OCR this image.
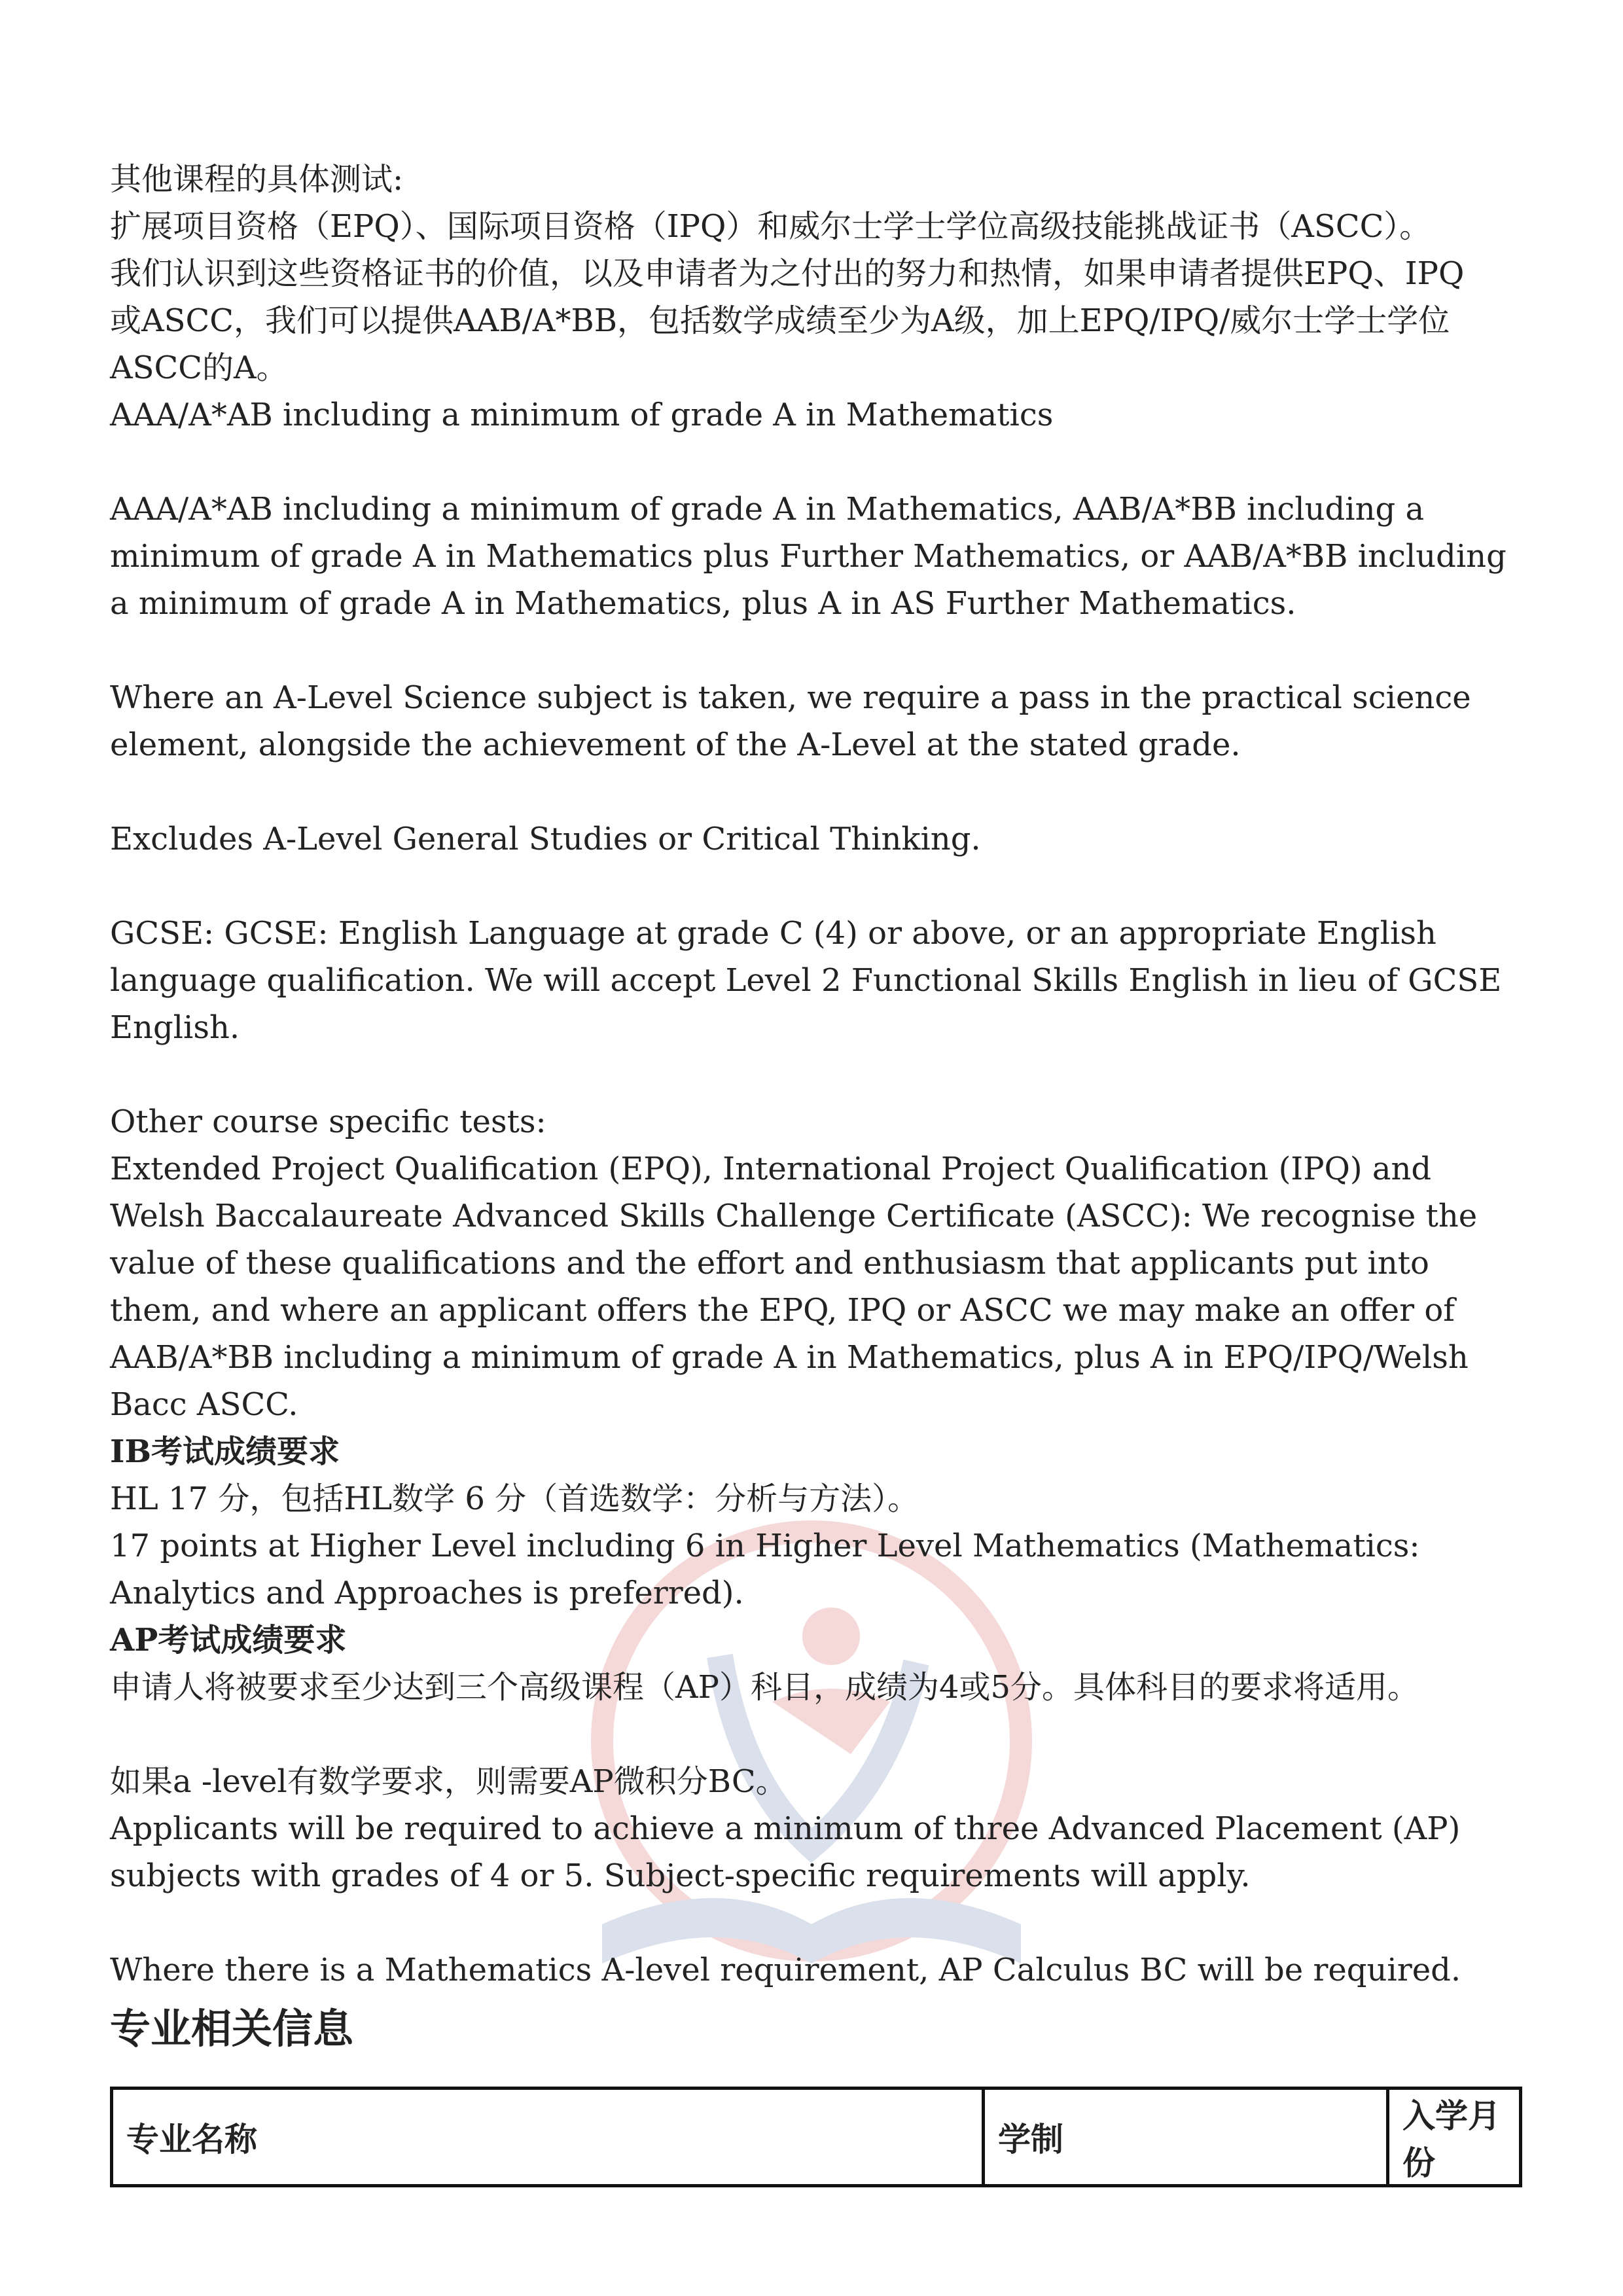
其他课程的具体测试:

扩展项目资格（EPQ）、国际项目资格（IPQ）和威尔士学士学位高级技能挑战证书（ASCC）。

我们认识到这些资格证书的价值，以及申请者为之付出的努力和热情，如果申请者提供EPQ、IPQ

或ASCC，我们可以提供AAB/A*BB，包括数学成绩至少为A级，加上EPQ/IPQ/威尔士学士学位

ASCC的A。

AAA/A*AB including a minimum of grade A in Mathematics

AAA/A*AB including a minimum of grade A in Mathematics, AAB/A*BB including a minimum of grade A in Mathematics plus Further Mathematics, or AAB/A*BB including a minimum of grade A in Mathematics, plus A in AS Further Mathematics.

Where an A-Level Science subject is taken, we require a pass in the practical science element, alongside the achievement of the A-Level at the stated grade.

Excludes A-Level General Studies or Critical Thinking.

GCSE: GCSE: English Language at grade C (4) or above, or an appropriate English language qualification. We will accept Level 2 Functional Skills English in lieu of GCSE English.

Other course specific tests:

Extended Project Qualification (EPQ), International Project Qualification (IPQ) and Welsh Baccalaureate Advanced Skills Challenge Certificate (ASCC): We recognise the value of these qualifications and the effort and enthusiasm that applicants put into them, and where an applicant offers the EPQ, IPQ or ASCC we may make an offer of AAB/A*BB including a minimum of grade A in Mathematics, plus A in EPQ/IPQ/Welsh Bacc ASCC.

IB考试成绩要求

HL 17 分，包括HL数学 6 分（首选数学：分析与方法）。

17 points at Higher Level including 6 in Higher Level Mathematics (Mathematics: Analytics and Approaches is preferred).

AP考试成绩要求

申请人将被要求至少达到三个高级课程（AP）科目，成绩为4或5分。具体科目的要求将适用。

如果a -level有数学要求，则需要AP微积分BC。

Applicants will be required to achieve a minimum of three Advanced Placement (AP) subjects with grades of 4 or 5. Subject-specific requirements will apply.

Where there is a Mathematics A-level requirement, AP Calculus BC will be required.

专业相关信息
专业名称	学制	入学月份
